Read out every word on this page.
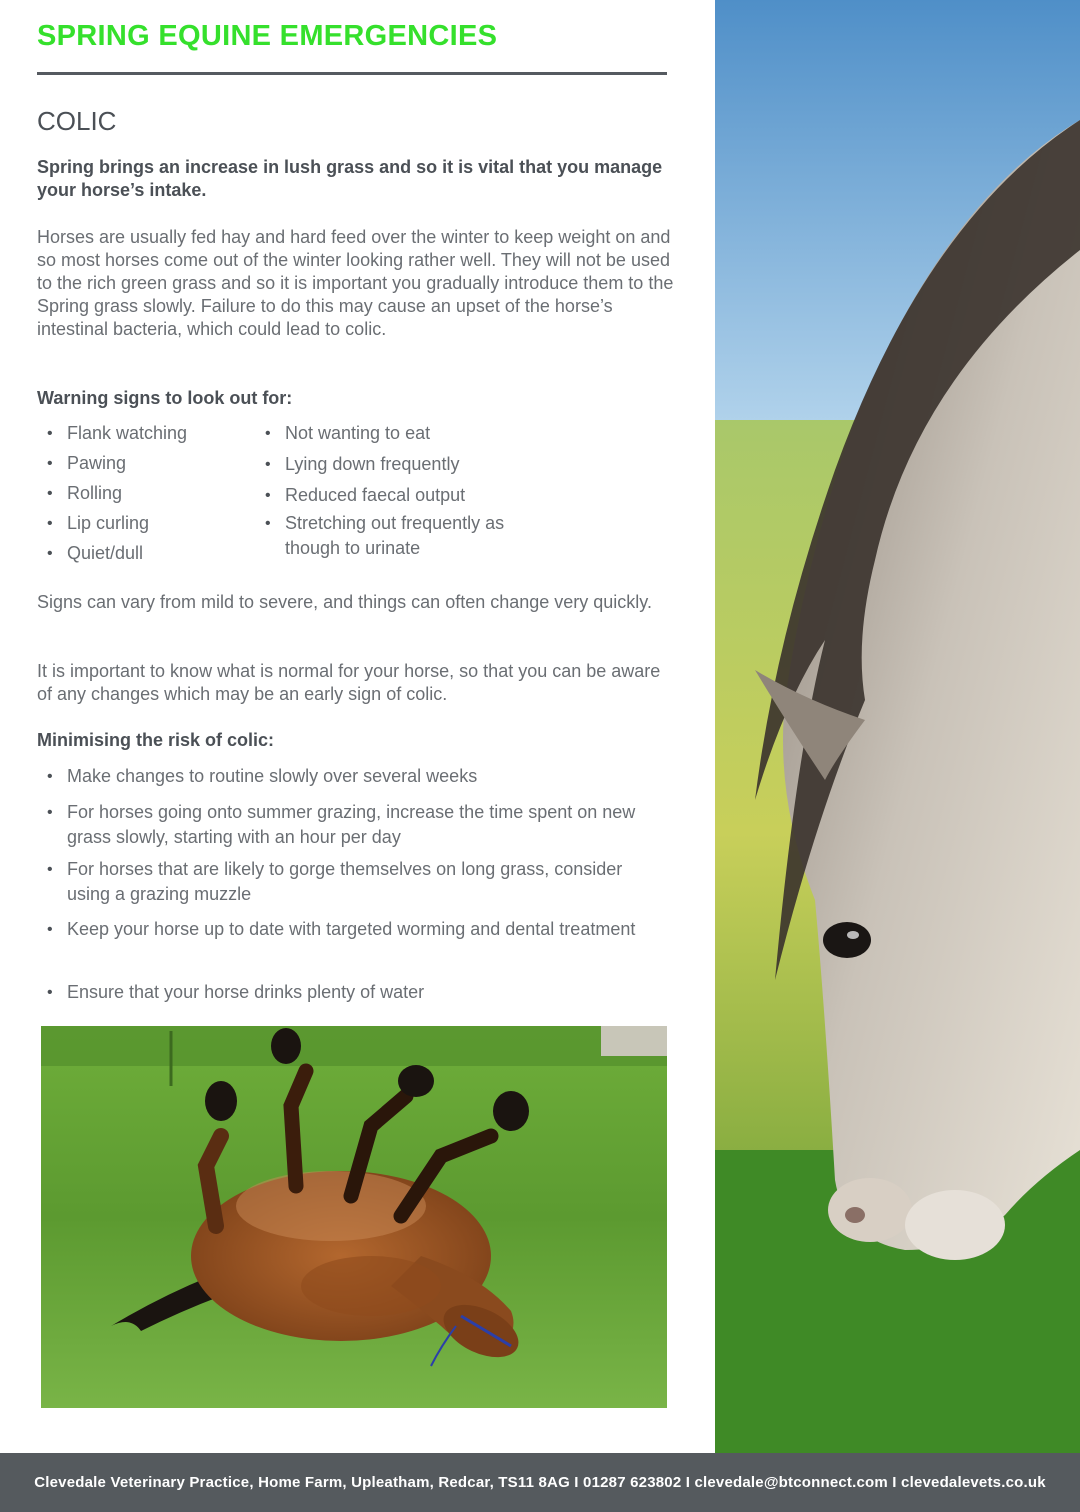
SPRING EQUINE EMERGENCIES
COLIC
Spring brings an increase in lush grass and so it is vital that you manage your horse’s intake.
Horses are usually fed hay and hard feed over the winter to keep weight on and so most horses come out of the winter looking rather well. They will not be used to the rich green grass and so it is important you gradually introduce them to the Spring grass slowly. Failure to do this may cause an upset of the horse’s intestinal bacteria, which could lead to colic.
Warning signs to look out for:
• Flank watching
• Pawing
• Rolling
• Lip curling
• Quiet/dull
• Not wanting to eat
• Lying down frequently
• Reduced faecal output
• Stretching out frequently as though to urinate
Signs can vary from mild to severe, and things can often change very quickly.
It is important to know what is normal for your horse, so that you can be aware of any changes which may be an early sign of colic.
Minimising the risk of colic:
• Make changes to routine slowly over several weeks
• For horses going onto summer grazing, increase the time spent on new grass slowly, starting with an hour per day
• For horses that are likely to gorge themselves on long grass, consider using a grazing muzzle
• Keep your horse up to date with targeted worming and dental treatment
• Ensure that your horse drinks plenty of water
Clevedale Veterinary Practice, Home Farm, Upleatham, Redcar, TS11 8AG I 01287 623802 I clevedale@btconnect.com I clevedalevets.co.uk
